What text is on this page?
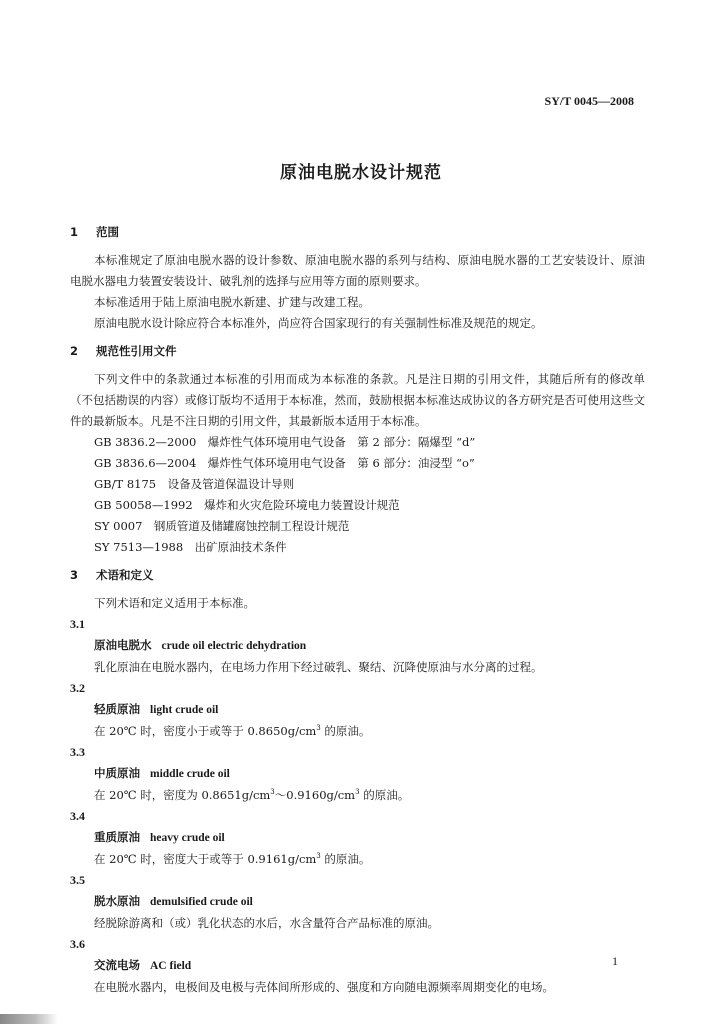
SY/T 0045—2008
原油电脱水设计规范
1 范围
本标准规定了原油电脱水器的设计参数、原油电脱水器的系列与结构、原油电脱水器的工艺安装设计、原油电脱水器电力装置安装设计、破乳剂的选择与应用等方面的原则要求。
本标准适用于陆上原油电脱水新建、扩建与改建工程。
原油电脱水设计除应符合本标准外，尚应符合国家现行的有关强制性标准及规范的规定。
2 规范性引用文件
下列文件中的条款通过本标准的引用而成为本标准的条款。凡是注日期的引用文件，其随后所有的修改单（不包括勘误的内容）或修订版均不适用于本标准，然而，鼓励根据本标准达成协议的各方研究是否可使用这些文件的最新版本。凡是不注日期的引用文件，其最新版本适用于本标准。
GB 3836.2—2000　爆炸性气体环境用电气设备　第 2 部分：隔爆型 “d”
GB 3836.6—2004　爆炸性气体环境用电气设备　第 6 部分：油浸型 “o”
GB/T 8175　设备及管道保温设计导则
GB 50058—1992　爆炸和火灾危险环境电力装置设计规范
SY 0007　钢质管道及储罐腐蚀控制工程设计规范
SY 7513—1988　出矿原油技术条件
3 术语和定义
下列术语和定义适用于本标准。
3.1
原油电脱水 crude oil electric dehydration
乳化原油在电脱水器内，在电场力作用下经过破乳、聚结、沉降使原油与水分离的过程。
3.2
轻质原油 light crude oil
在 20℃ 时，密度小于或等于 $0.8650g/cm^3$ 的原油。
3.3
中质原油 middle crude oil
在 20℃ 时，密度为 $0.8651g/cm^3\sim 0.9160g/cm^3$ 的原油。
3.4
重质原油 heavy crude oil
在 20℃ 时，密度大于或等于 $0.9161g/cm^3$ 的原油。
3.5
脱水原油 demulsified crude oil
经脱除游离和（或）乳化状态的水后，水含量符合产品标准的原油。
3.6
交流电场 AC field
在电脱水器内，电极间及电极与壳体间所形成的、强度和方向随电源频率周期变化的电场。
1
